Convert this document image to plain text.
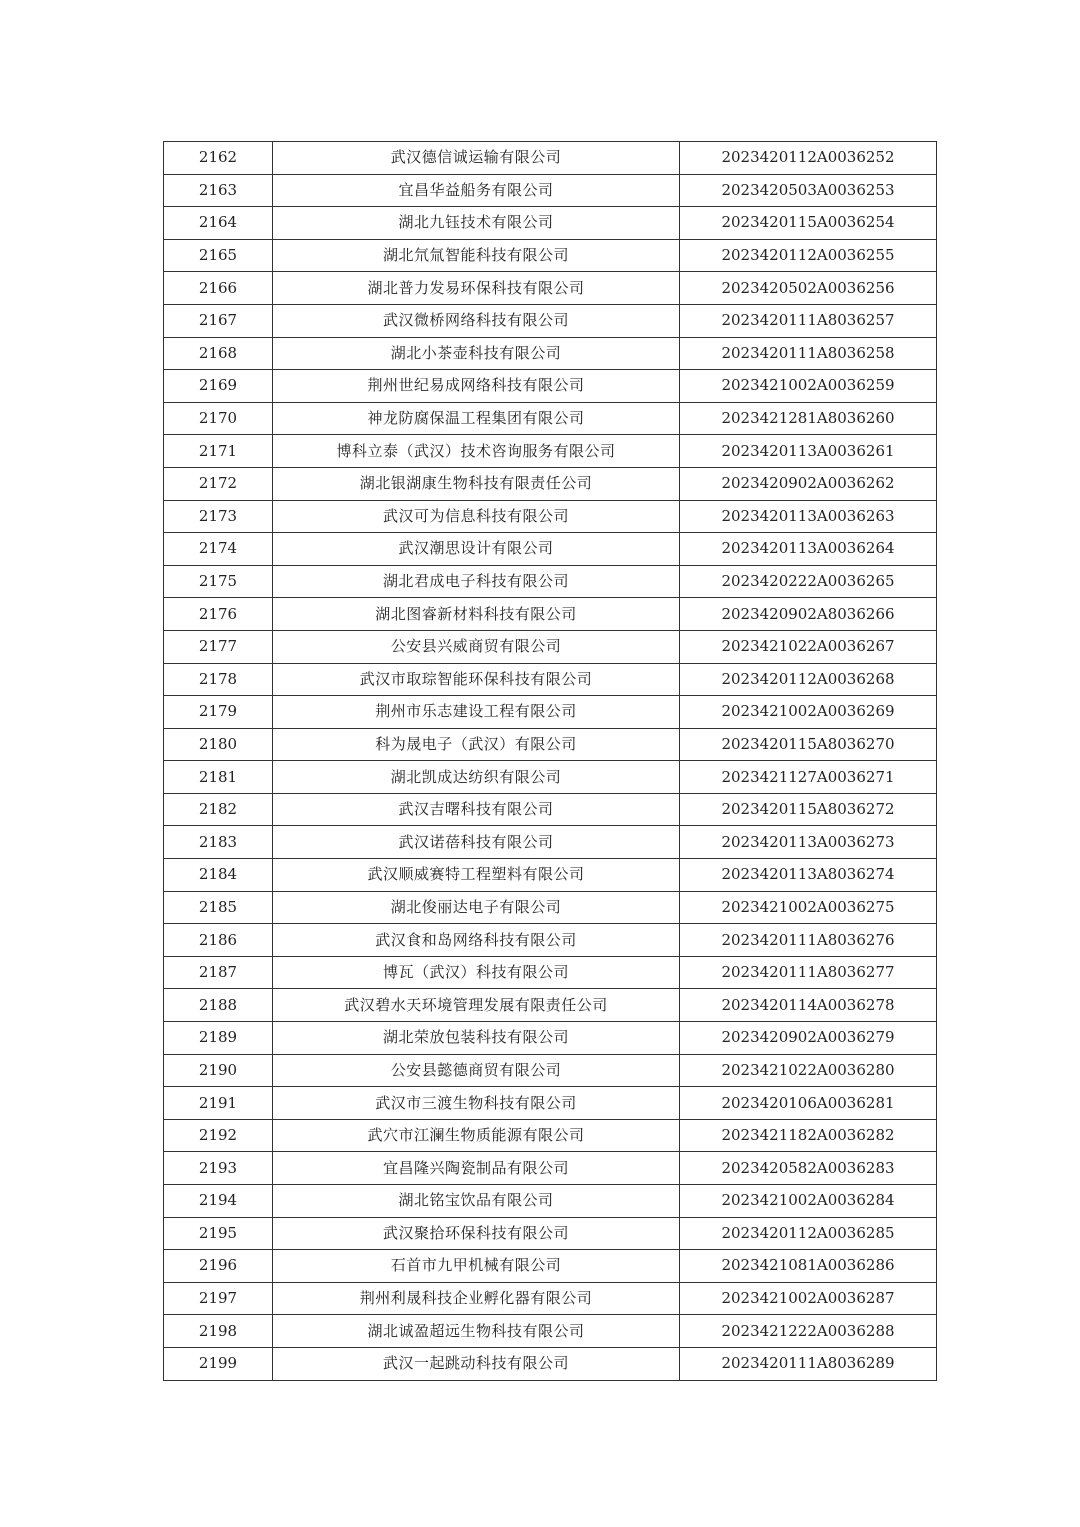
2162	武汉德信诚运输有限公司	2023420112A0036252
2163	宜昌华益船务有限公司	2023420503A0036253
2164	湖北九钰技术有限公司	2023420115A0036254
2165	湖北氘氚智能科技有限公司	2023420112A0036255
2166	湖北普力发易环保科技有限公司	2023420502A0036256
2167	武汉微桥网络科技有限公司	2023420111A8036257
2168	湖北小茶壶科技有限公司	2023420111A8036258
2169	荆州世纪易成网络科技有限公司	2023421002A0036259
2170	神龙防腐保温工程集团有限公司	2023421281A8036260
2171	博科立泰（武汉）技术咨询服务有限公司	2023420113A0036261
2172	湖北银湖康生物科技有限责任公司	2023420902A0036262
2173	武汉可为信息科技有限公司	2023420113A0036263
2174	武汉潮思设计有限公司	2023420113A0036264
2175	湖北君成电子科技有限公司	2023420222A0036265
2176	湖北图睿新材料科技有限公司	2023420902A8036266
2177	公安县兴威商贸有限公司	2023421022A0036267
2178	武汉市取琮智能环保科技有限公司	2023420112A0036268
2179	荆州市乐志建设工程有限公司	2023421002A0036269
2180	科为晟电子（武汉）有限公司	2023420115A8036270
2181	湖北凯成达纺织有限公司	2023421127A0036271
2182	武汉吉曙科技有限公司	2023420115A8036272
2183	武汉诺蓓科技有限公司	2023420113A0036273
2184	武汉顺威赛特工程塑料有限公司	2023420113A8036274
2185	湖北俊丽达电子有限公司	2023421002A0036275
2186	武汉食和岛网络科技有限公司	2023420111A8036276
2187	博瓦（武汉）科技有限公司	2023420111A8036277
2188	武汉碧水天环境管理发展有限责任公司	2023420114A0036278
2189	湖北荣放包装科技有限公司	2023420902A0036279
2190	公安县懿德商贸有限公司	2023421022A0036280
2191	武汉市三渡生物科技有限公司	2023420106A0036281
2192	武穴市江澜生物质能源有限公司	2023421182A0036282
2193	宜昌隆兴陶瓷制品有限公司	2023420582A0036283
2194	湖北铭宝饮品有限公司	2023421002A0036284
2195	武汉聚拾环保科技有限公司	2023420112A0036285
2196	石首市九甲机械有限公司	2023421081A0036286
2197	荆州利晟科技企业孵化器有限公司	2023421002A0036287
2198	湖北诚盈超远生物科技有限公司	2023421222A0036288
2199	武汉一起跳动科技有限公司	2023420111A8036289
